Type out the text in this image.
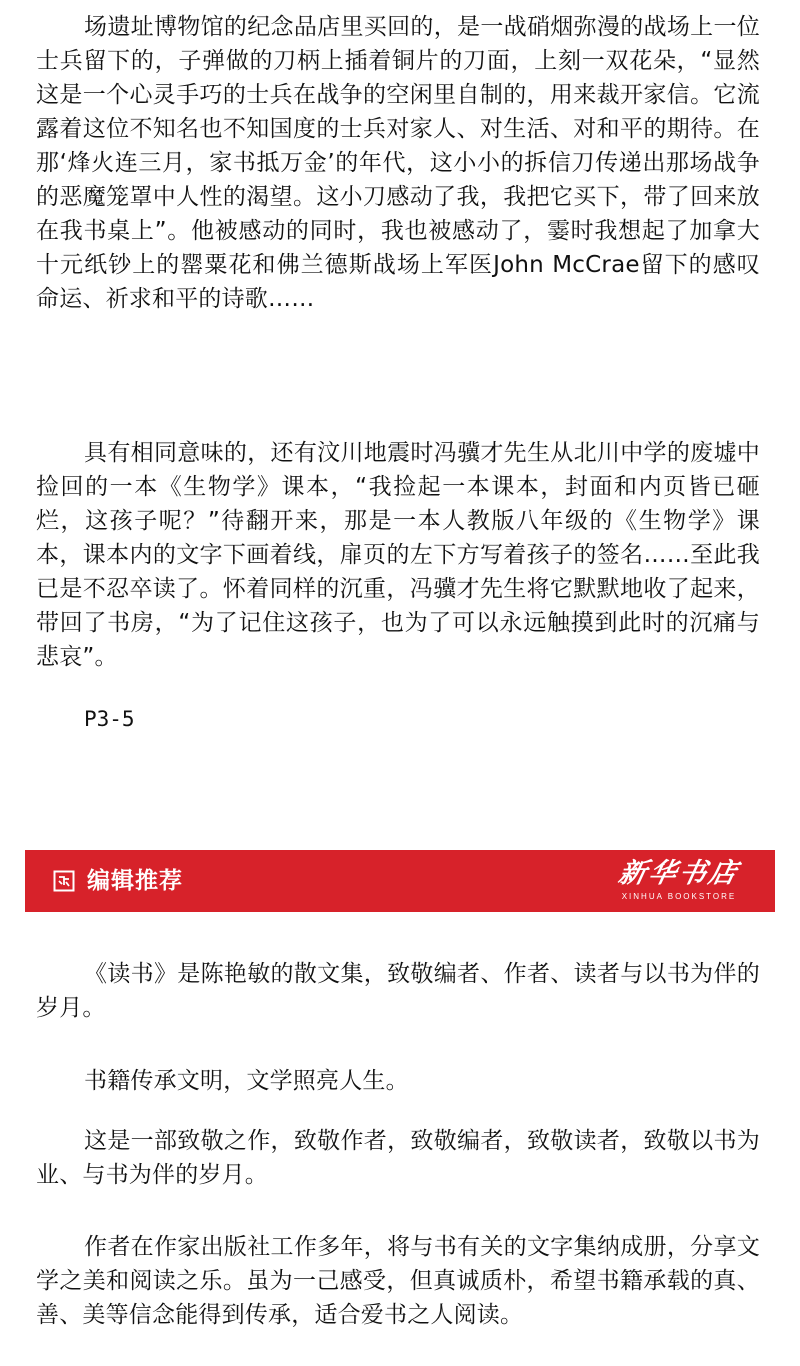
场遗址博物馆的纪念品店里买回的，是一战硝烟弥漫的战场上一位士兵留下的，子弹做的刀柄上插着铜片的刀面，上刻一双花朵，“显然这是一个心灵手巧的士兵在战争的空闲里自制的，用来裁开家信。它流露着这位不知名也不知国度的士兵对家人、对生活、对和平的期待。在那‘烽火连三月，家书抵万金’的年代，这小小的拆信刀传递出那场战争的恶魔笼罩中人性的渴望。这小刀感动了我，我把它买下，带了回来放在我书桌上”。他被感动的同时，我也被感动了，霎时我想起了加拿大十元纸钞上的罂粟花和佛兰德斯战场上军医John McCrae留下的感叹命运、祈求和平的诗歌……

具有相同意味的，还有汶川地震时冯骥才先生从北川中学的废墟中捡回的一本《生物学》课本，“我捡起一本课本，封面和内页皆已砸烂，这孩子呢？”待翻开来，那是一本人教版八年级的《生物学》课本，课本内的文字下画着线，扉页的左下方写着孩子的签名……至此我已是不忍卒读了。怀着同样的沉重，冯骥才先生将它默默地收了起来，带回了书房，“为了记住这孩子，也为了可以永远触摸到此时的沉痛与悲哀”。

P3-5
编辑推荐	新华书店
XINHUA BOOKSTORE

《读书》是陈艳敏的散文集，致敬编者、作者、读者与以书为伴的岁月。

书籍传承文明，文学照亮人生。

这是一部致敬之作，致敬作者，致敬编者，致敬读者，致敬以书为业、与书为伴的岁月。

作者在作家出版社工作多年，将与书有关的文字集纳成册，分享文学之美和阅读之乐。虽为一己感受，但真诚质朴，希望书籍承载的真、善、美等信念能得到传承，适合爱书之人阅读。
